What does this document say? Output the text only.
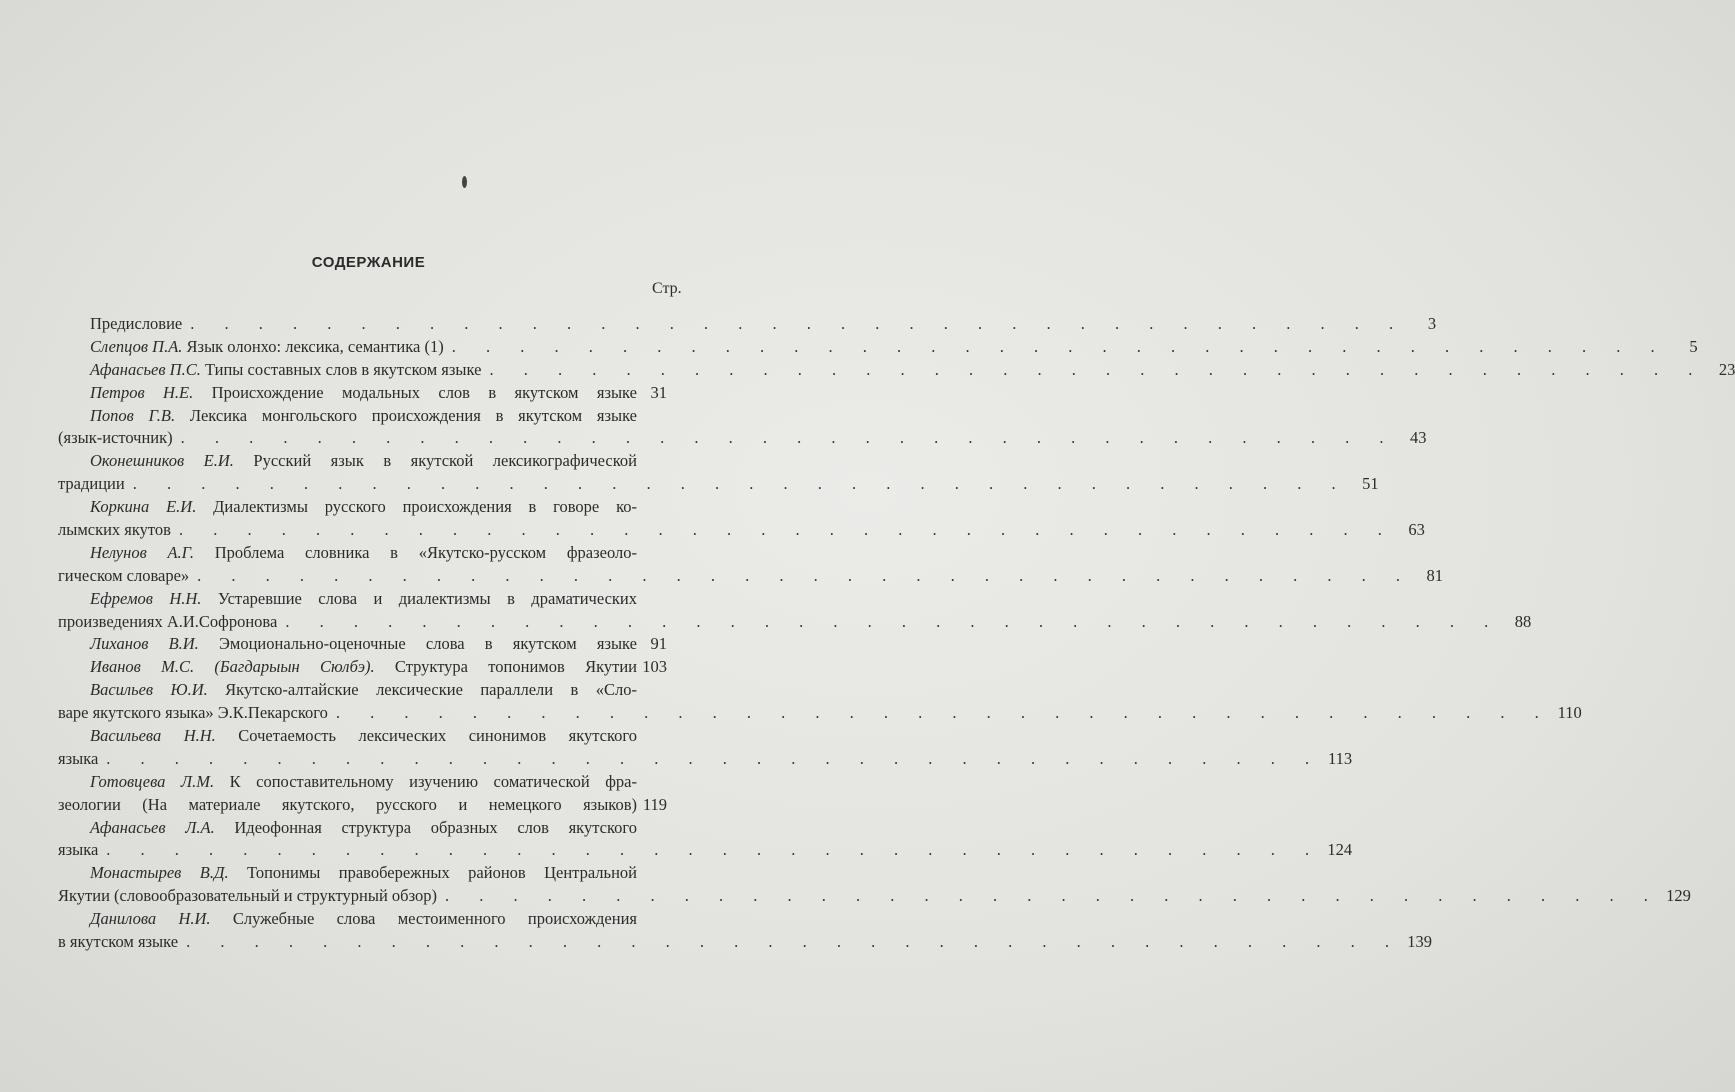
СОДЕРЖАНИЕ
Стр.
Предисловие . . . . . . . . . . . . . . . . . . . . . . . . . . . . . . . . . . . .	3
Слепцов П.А. Язык олонхо: лексика, семантика (1) . . . . . . . . . . . . . . . . . . . . . . . . . . . . . . . . . . . .	5
Афанасьев П.С. Типы составных слов в якутском языке . . . . . . . . . . . . . . . . . . . . . . . . . . . . . . . . . . . . 23
Петров Н.Е. Происхождение модальных слов в якутском языке 31
Попов Г.В. Лексика монгольского происхождения в якутском языке
(язык-источник) . . . . . . . . . . . . . . . . . . . . . . . . . . . . . . . . . . . . 43
Оконешников Е.И. Русский язык в якутской лексикографической
традиции . . . . . . . . . . . . . . . . . . . . . . . . . . . . . . . . . . . . 51
Коркина Е.И. Диалектизмы русского происхождения в говоре ко-
лымских якутов . . . . . . . . . . . . . . . . . . . . . . . . . . . . . . . . . . . . 63
Нелунов А.Г. Проблема словника в «Якутско-русском фразеоло-
гическом словаре» . . . . . . . . . . . . . . . . . . . . . . . . . . . . . . . . . . . . 81
Ефремов Н.Н. Устаревшие слова и диалектизмы в драматических
произведениях А.И.Софронова . . . . . . . . . . . . . . . . . . . . . . . . . . . . . . . . . . . . 88
Лиханов В.И. Эмоционально-оценочные слова в якутском языке 91
Иванов М.С. (Багдарыын Сюлбэ). Структура топонимов Якутии 103
Васильев Ю.И. Якутско-алтайские лексические параллели в «Сло-
варе якутского языка» Э.К.Пекарского . . . . . . . . . . . . . . . . . . . . . . . . . . . . . . . . . . . . 110
Васильева Н.Н. Сочетаемость лексических синонимов якутского
языка . . . . . . . . . . . . . . . . . . . . . . . . . . . . . . . . . . . . 113
Готовцева Л.М. К сопоставительному изучению соматической фра-
зеологии (На материале якутского, русского и немецкого языков) 119
Афанасьев Л.А. Идеофонная структура образных слов якутского
языка . . . . . . . . . . . . . . . . . . . . . . . . . . . . . . . . . . . . 124
Монастырев В.Д. Топонимы правобережных районов Центральной
Якутии (словообразовательный и структурный обзор) . . . . . . . . . . . . . . . . . . . . . . . . . . . . . . . . . . . . 129
Данилова Н.И. Служебные слова местоименного происхождения
в якутском языке . . . . . . . . . . . . . . . . . . . . . . . . . . . . . . . . . . . . 139
